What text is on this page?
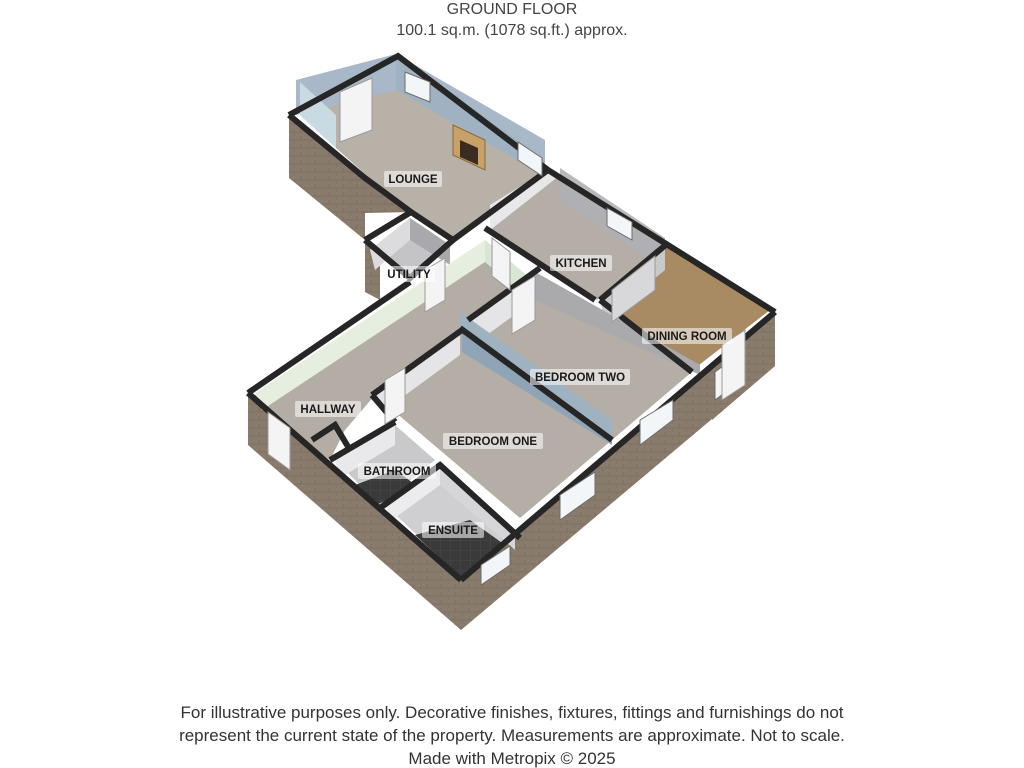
GROUND FLOOR
100.1 sq.m. (1078 sq.ft.) approx.
LOUNGE
UTILITY
KITCHEN
DINING ROOM
BEDROOM TWO
HALLWAY
BEDROOM ONE
BATHROOM
ENSUITE
For illustrative purposes only. Decorative finishes, fixtures, fittings and furnishings do not
represent the current state of the property. Measurements are approximate. Not to scale.
Made with Metropix © 2025
